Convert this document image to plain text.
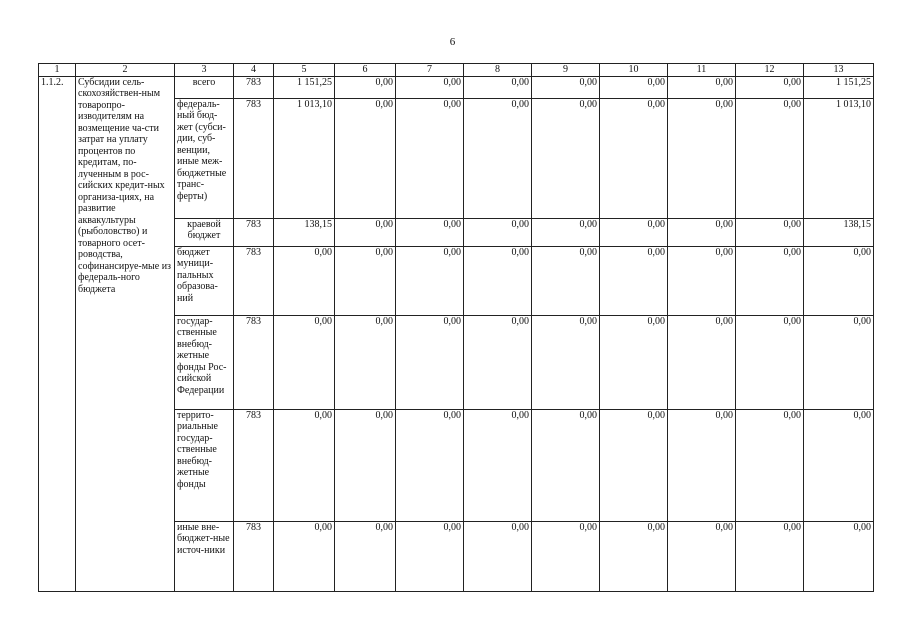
6
1	2	3	4	5	6	7	8	9	10	11	12	13
1.1.2.	Субсидии сель-скохозяйствен-ным товаропро-изводителям на возмещение ча-сти затрат на уплату процентов по кредитам, по-лученным в рос-сийских кредит-ных организа-циях, на развитие аквакультуры (рыболовство) и товарного осет-роводства, софинансируе-мые из федераль-ного бюджета	всего	783	1 151,25	0,00	0,00	0,00	0,00	0,00	0,00	0,00	1 151,25
		федераль-ный бюд-жет (субси-дии, суб-венции, иные меж-бюджетные транс-ферты)	783	1 013,10	0,00	0,00	0,00	0,00	0,00	0,00	0,00	1 013,10
		краевой бюджет	783	138,15	0,00	0,00	0,00	0,00	0,00	0,00	0,00	138,15
		бюджет муници-пальных образова-ний	783	0,00	0,00	0,00	0,00	0,00	0,00	0,00	0,00	0,00
		государ-ственные внебюд-жетные фонды Рос-сийской Федерации	783	0,00	0,00	0,00	0,00	0,00	0,00	0,00	0,00	0,00
		террито-риальные государ-ственные внебюд-жетные фонды	783	0,00	0,00	0,00	0,00	0,00	0,00	0,00	0,00	0,00
		иные вне-бюджет-ные источ-ники	783	0,00	0,00	0,00	0,00	0,00	0,00	0,00	0,00	0,00
